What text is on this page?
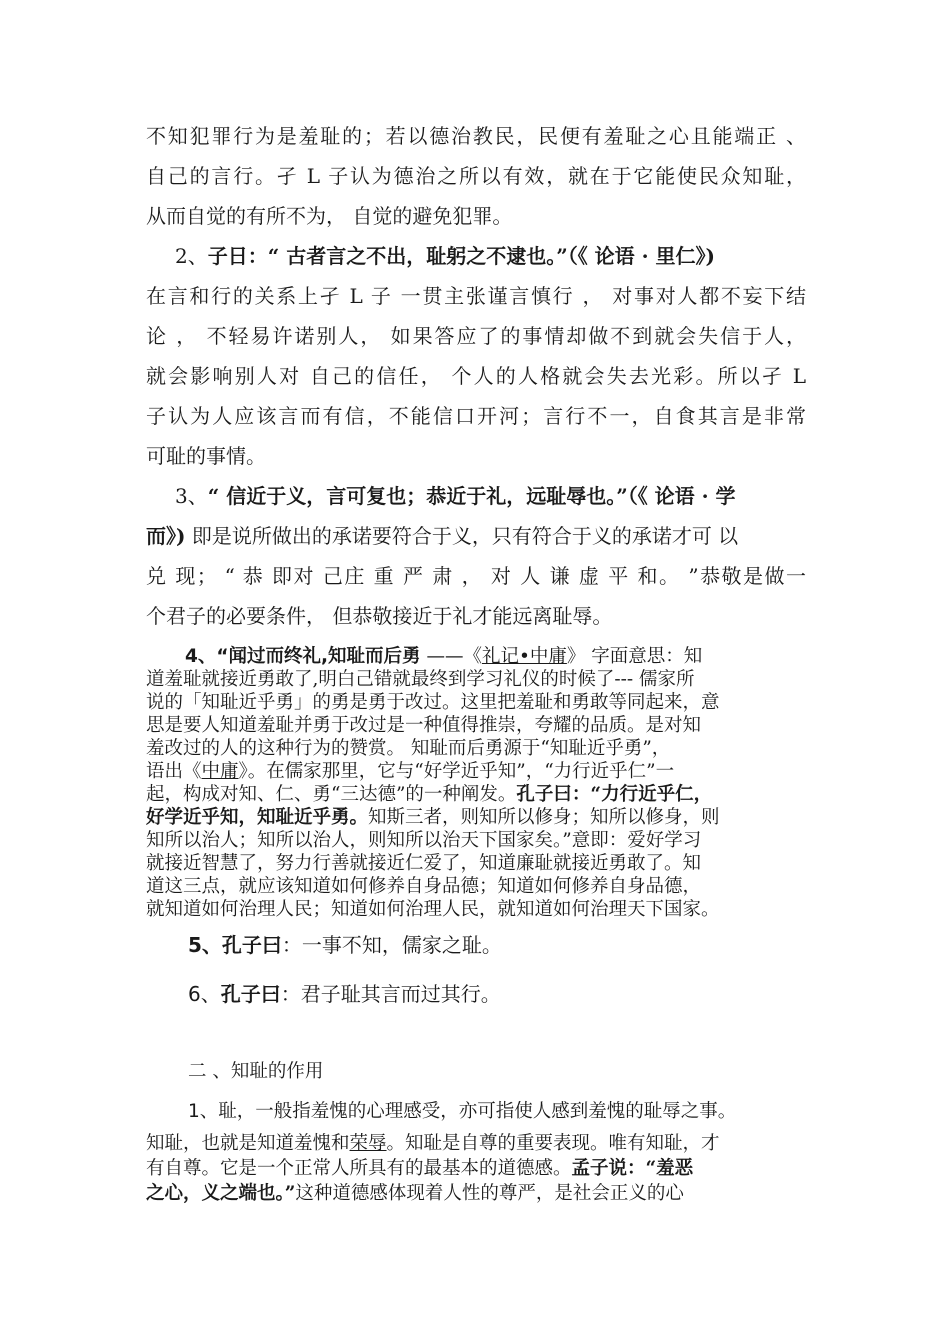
不知犯罪行为是羞耻的；若以德治教民，民便有羞耻之心且能端正 、
自己的言行。孑 L 子认为德治之所以有效，就在于它能使民众知耻，
从而自觉的有所不为， 自觉的避免犯罪。
2、子日：“ 古者言之不出，耻躬之不逮也。”（《 论语 · 里仁》)
在言和行的关系上孑 L 子 一贯主张谨言慎行 ， 对事对人都不妄下结
论 ， 不轻易许诺别人， 如果答应了的事情却做不到就会失信于人，
就会影响别人对 自己的信任， 个人的人格就会失去光彩。所以孑 L
子认为人应该言而有信，不能信口开河；言行不一，自食其言是非常
可耻的事情。
3、“ 信近于义，言可复也；恭近于礼，远耻辱也。”（《 论语 · 学
而》) 即是说所做出的承诺要符合于义，只有符合于义的承诺才可 以
兑 现； “ 恭 即对 己庄 重 严 肃 ， 对 人 谦 虚 平 和。 ”恭敬是做一
个君子的必要条件， 但恭敬接近于礼才能远离耻辱。
4、“闻过而终礼,知耻而后勇 ——《礼记•中庸》 字面意思：知
道羞耻就接近勇敢了,明白己错就最终到学习礼仪的时候了--- 儒家所
说的「知耻近乎勇」的勇是勇于改过。这里把羞耻和勇敢等同起来，意
思是要人知道羞耻并勇于改过是一种值得推崇，夸耀的品质。是对知
羞改过的人的这种行为的赞赏。 知耻而后勇源于“知耻近乎勇”，
语出《中庸》。在儒家那里，它与“好学近乎知”，“力行近乎仁”一
起，构成对知、仁、勇“三达德”的一种阐发。孔子曰：“力行近乎仁，
好学近乎知，知耻近乎勇。知斯三者，则知所以修身；知所以修身，则
知所以治人；知所以治人，则知所以治天下国家矣。”意即：爱好学习
就接近智慧了，努力行善就接近仁爱了，知道廉耻就接近勇敢了。知
道这三点，就应该知道如何修养自身品德；知道如何修养自身品德，
就知道如何治理人民；知道如何治理人民，就知道如何治理天下国家。
5、孔子曰：一事不知，儒家之耻。
6、孔子曰：君子耻其言而过其行。
二 、知耻的作用
1、耻，一般指羞愧的心理感受，亦可指使人感到羞愧的耻辱之事。
知耻，也就是知道羞愧和荣辱。知耻是自尊的重要表现。唯有知耻，才
有自尊。它是一个正常人所具有的最基本的道德感。孟子说：“羞恶
之心，义之端也。”这种道德感体现着人性的尊严，是社会正义的心
